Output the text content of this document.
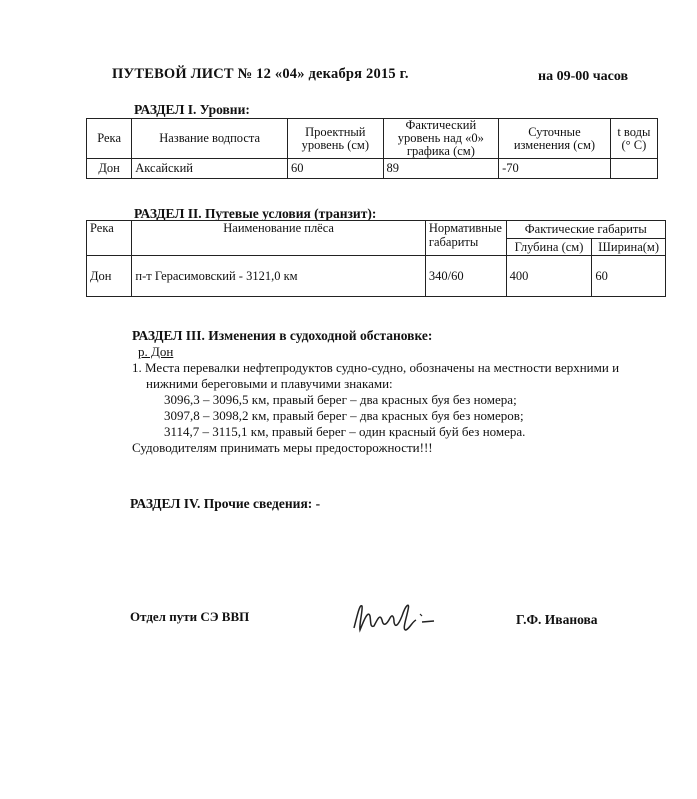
ПУТЕВОЙ ЛИСТ № 12 «04» декабря 2015 г.	на 09-00 часов
РАЗДЕЛ I. Уровни:
Река	Название водпоста	Проектный уровень (см)	Фактический уровень над «0» графика (см)	Суточные изменения (см)	t воды (° С)
Дон	Аксайский	60	89	-70	
РАЗДЕЛ II. Путевые условия (транзит):
Река	Наименование плёса	Нормативные габариты	Фактические габариты	
			Глубина (см)	Ширина(м)
Дон	п-т Герасимовский - 3121,0 км	340/60	400	60
РАЗДЕЛ III. Изменения в судоходной обстановке:
р. Дон
1. Места перевалки нефтепродуктов судно-судно, обозначены на местности верхними и
нижними береговыми и плавучими знаками:
3096,3 – 3096,5 км, правый берег – два красных буя без номера;
3097,8 – 3098,2 км, правый берег – два красных буя без номеров;
3114,7 – 3115,1 км, правый берег – один красный буй без номера.
Судоводителям принимать меры предосторожности!!!
РАЗДЕЛ IV. Прочие сведения: -
Отдел пути СЭ ВВП	Г.Ф. Иванова
